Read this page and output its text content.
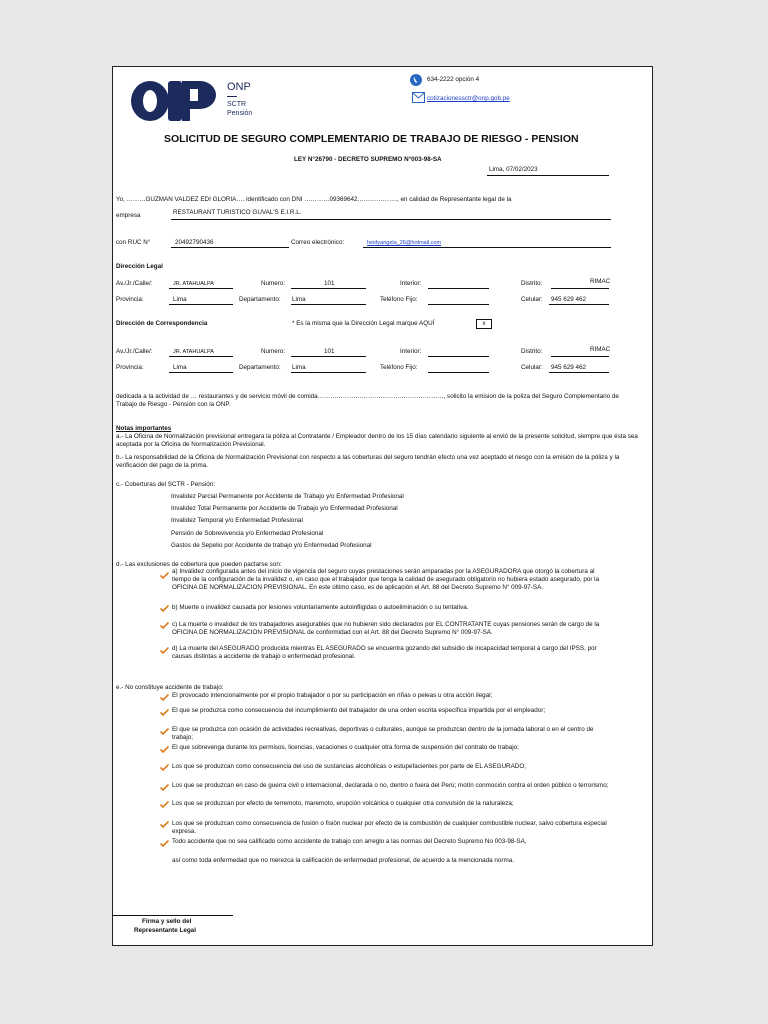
ONP
SCTR
Pensión
634-2222 opción 4
cotizacionessctr@onp.gob.pe
SOLICITUD DE SEGURO COMPLEMENTARIO DE TRABAJO DE RIESGO - PENSION
LEY N°26790 - DECRETO SUPREMO N°003-98-SA
Lima, 07/02/2023
Yo, ………GUZMAN VALDEZ EDI GLORIA…. identificado con DNI …………09369642………………., en calidad de Representante legal de la
empresa	RESTAURANT TURISTICO GUVAL'S E.I.R.L.
con RUC N°	20492790436	Correo electrónico:	heidyangela_26@hotmail.com
Dirección Legal
Av./Jr./Calle/:	JR. ATAHUALPA	Numero:	101	Interior:	Distrito:	RIMAC
Provincia:	Lima	Departamento: Lima	Teléfono Fijo:	Celular: 945 629 462
Dirección de Correspondencia	* Es la misma que la Dirección Legal marque AQUÍ	x
Av./Jr./Calle/:	JR. ATAHUALPA	Numero:	101	Interior:	Distrito:	RIMAC
Provincia:	Lima	Departamento: Lima	Teléfono Fijo:	Celular: 945 629 462
dedicada a la actividad de … restaurantes y de servicio móvil de comida……………………………………………………, solicito la emision de la poliza del Seguro Complementario de Trabajo de Riesgo - Pensión con la ONP.
Notas importantes
a.- La Oficina de Normalización previsional entregara la póliza al Contratante / Empleador dentro de los 15 días calendario siguiente al envió de la presente solicitud, siempre que ésta sea aceptada por la Oficina de Normalización Previsional.
b.- La responsabilidad de la Oficina de Normalización Previsional con respecto a las coberturas del seguro tendrán efecto una vez aceptado el riesgo con la emisión de la póliza y la verificación del pago de la prima.
c.- Coberturas del SCTR - Pensión:
Invalidez Parcial Permanente por Accidente de Trabajo y/o Enfermedad Profesional
Invalidez Total Permanente por Accidente de Trabajo y/o Enfermedad Profesional
Invalidez Temporal y/o Enfermedad Profesional
Pensión de Sobrevivencia y/o Enfermedad Profesional
Gastos de Sepelio por Accidente de trabajo y/o Enfermedad Profesional
d.- Las exclusiones de cobertura que pueden pactarse son:
a) Invalidez configurada antes del inicio de vigencia del seguro cuyas prestaciones serán amparadas por la ASEGURADORA que otorgó la cobertura al tiempo de la configuración de la invalidez o, en caso que el trabajador que tenga la calidad de asegurado obligatorio no hubiera estado asegurado, por la OFICINA DE NORMALIZACION PREVISIONAL. En este último caso, es de aplicación el Art. 88 del Decreto Supremo N° 009-97-SA.
b) Muerte o invalidez causada por lesiones voluntariamente autoinfligidas o autoeliminación o su tentativa.
c) La muerte o invalidez de los trabajadores asegurables que no hubieren sido declarados por EL CONTRATANTE cuyas pensiones serán de cargo de la OFICINA DE NORMALIZACION PREVISIONAL de conformidad con el Art. 88 del Decreto Supremo N° 009-97-SA.
d) La muerte del ASEGURADO producida mientras EL ASEGURADO se encuentra gozando del subsidio de incapacidad temporal a cargo del IPSS, por causas distintas a accidente de trabajo o enfermedad profesional.
e.- No constituye accidente de trabajo:
El provocado intencionalmente por el propio trabajador o por su participación en riñas o peleas u otra acción ilegal;
El que se produzca como consecuencia del incumplimiento del trabajador de una orden escrita específica impartida por el empleador;
El que se produzca con ocasión de actividades recreativas, deportivas o culturales, aunque se produzcan dentro de la jornada laboral o en el centro de trabajo;
El que sobrevenga durante los permisos, licencias, vacaciones o cualquier otra forma de suspensión del contrato de trabajo;
Los que se produzcan como consecuencia del uso de sustancias alcohólicas o estupefacientes por parte de EL ASEGURADO;
Los que se produzcan en caso de guerra civil o internacional, declarada o no, dentro o fuera del Perú; motín conmoción contra el orden público o terrorismo;
Los que se produzcan por efecto de terremoto, maremoto, erupción volcánica o cualquier otra convulsión de la naturaleza;
Los que se produzcan como consecuencia de fusión o fisión nuclear por efecto de la combustión de cualquier combustible nuclear, salvo cobertura especial expresa.
Todo accidente que no sea calificado como accidente de trabajo con arreglo a las normas del Decreto Supremo No 003-98-SA,
así como toda enfermedad que no merezca la calificación de enfermedad profesional, de acuerdo a la mencionada norma.
Firma y sello del
Representante Legal
